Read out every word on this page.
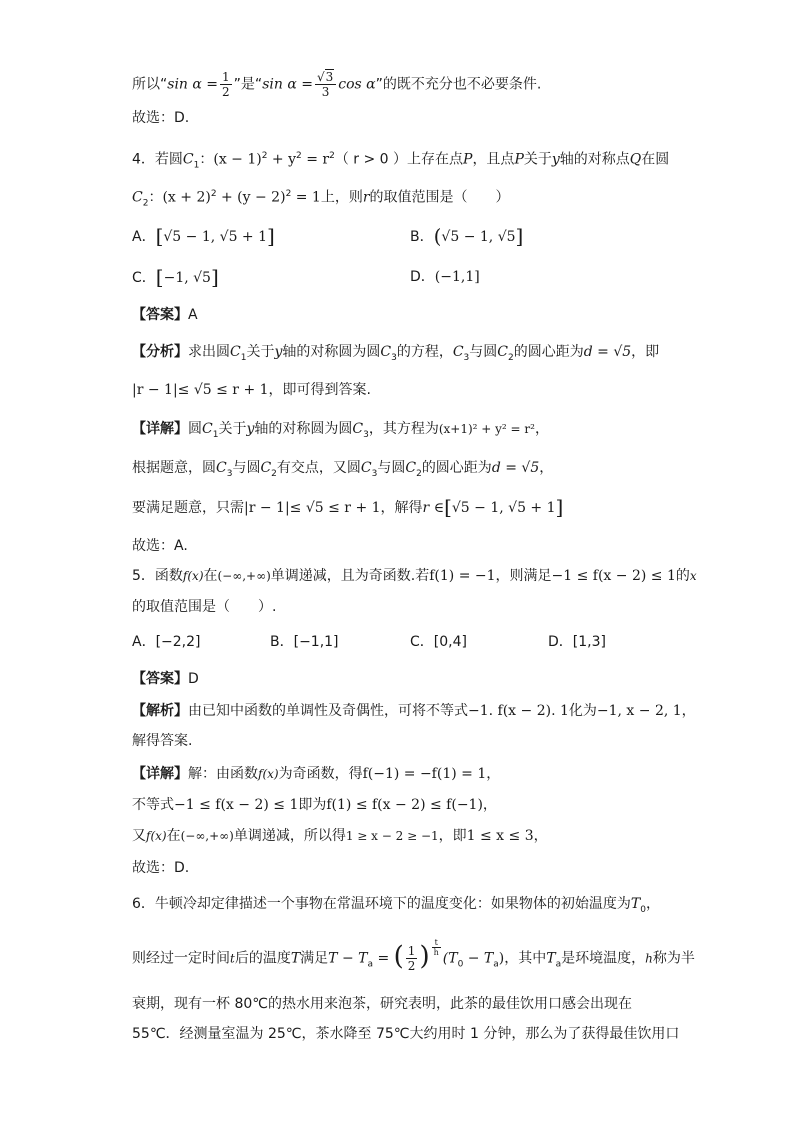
所以“sin $\alpha = \frac{1}{2}$ ”是“sin $\alpha = \frac{√3}{3}$ cos α”的既不充分也不必要条件.
故选：D.
4．若圆$C_1$：$(x - 1)^2 + y^2 = r^2$（ r > 0 ）上存在点P，且点P关于y轴的对称点Q在圆
$C_2$：$(x + 2)^2 + (y - 2)^2 = 1$上，则r的取值范围是（　　）
A．[√5 − 1, √5 + 1]	B．(√5 − 1, √5]
C．[−1, √5]	D．(−1,1]
【答案】A
【分析】求出圆$C_1$关于y轴的对称圆为圆$C_3$的方程，$C_3$与圆$C_2$的圆心距为d = √5，即
|r − 1|≤ √5 ≤ r + 1，即可得到答案.
【详解】圆$C_1$关于y轴的对称圆为圆$C_3$，其方程为(x+1)² + y² = r²，
根据题意，圆$C_3$与圆$C_2$有交点，又圆$C_3$与圆$C_2$的圆心距为d = √5，
要满足题意，只需|r − 1|≤ √5 ≤ r + 1，解得r ∈[√5 − 1, √5 + 1]
故选：A.
5．函数f(x)在(−∞,+∞)单调递减，且为奇函数.若f(1) = −1，则满足−1 ≤ f(x − 2) ≤ 1的x
的取值范围是（　　）.
A．[−2,2]	B．[−1,1]	C．[0,4]	D．[1,3]
【答案】D
【解析】由已知中函数的单调性及奇偶性，可将不等式−1. f(x − 2). 1化为−1, x − 2, 1，
解得答案.
【详解】解：由函数f(x)为奇函数，得f(−1) = −f(1) = 1，
不等式−1 ≤ f(x − 2) ≤ 1即为f(1) ≤ f(x − 2) ≤ f(−1)，
又f(x)在(−∞,+∞)单调递减，所以得1 ≥ x − 2 ≥ −1，即1 ≤ x ≤ 3，
故选：D.
6．牛顿冷却定律描述一个事物在常温环境下的温度变化：如果物体的初始温度为$T_0$，
则经过一定时间t后的温度T满足$T - T_a$ = ( $\frac{1}{2}$ ) $\frac{t}{h}$
$(T_0 - T_a)$，其中$T_a$是环境温度，h称为半
衰期，现有一杯 80℃的热水用来泡茶，研究表明，此茶的最佳饮用口感会出现在
55℃．经测量室温为 25℃，茶水降至 75℃大约用时 1 分钟，那么为了获得最佳饮用口
